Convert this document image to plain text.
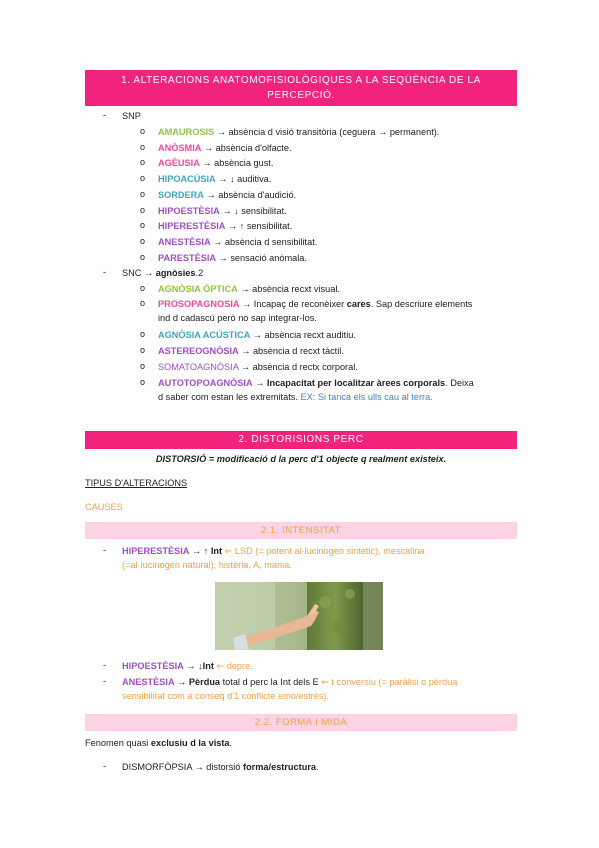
1. ALTERACIONS ANATOMOFISIOLÒGIQUES A LA SEQÜÈNCIA DE LA
PERCEPCIÓ.
- SNP
o AMAUROSIS → absència d visió transitòria (ceguera → permanent).
o ANÒSMIA → absència d'olfacte.
o AGÈUSIA → absència gust.
o HIPOACÚSIA → ↓ auditiva.
o SORDERA → absència d'audició.
o HIPOESTÈSIA → ↓ sensibilitat.
o HIPERESTÈSIA → ↑ sensibilitat.
o ANESTÈSIA → absència d sensibilitat.
o PARESTÈSIA → sensació anòmala.
- SNC → agnòsies.2
o AGNÒSIA ÒPTICA → absència recxt visual.
o PROSOPAGNOSIA → Incapaç de reconèixer cares. Sap descriure elements
ind d cadascú però no sap integrar-los.
o AGNÒSIA ACÚSTICA → absència recxt auditiu.
o ASTEREOGNÒSIA → absència d recxt tàctil.
o SOMATOAGNÒSIA → absència d rectx corporal.
o AUTOTOPOAGNÒSIA → Incapacitat per localitzar àrees corporals. Deixa
d saber com estan les extremitats. EX: Si tanca els ulls cau al terra.
2. DISTORISIONS PERC
DISTORSIÓ = modificació d la perc d'1 objecte q realment existeix.
TIPUS D'ALTERACIONS
CAUSES
2.1. INTENSITAT
- HIPERESTÈSIA → ↑ Int ⇐ LSD (= potent al·lucinogen sintètic), mescalina
(=al·lucinogen natural), histèria, A, mania.
- HIPOESTÈSIA → ↓Int ⇐ depre.
- ANESTÈSIA → Pèrdua total d perc la Int dels E ⇐ t conversiu (= paràlisi o pèrdua
sensibilitat com a conseq d'1 conflicte emo/estrès).
2.2. FORMA I MIDA
Fenomen quasi exclusiu d la vista.
- DISMORFÒPSIA → distorsió forma/estructura.
